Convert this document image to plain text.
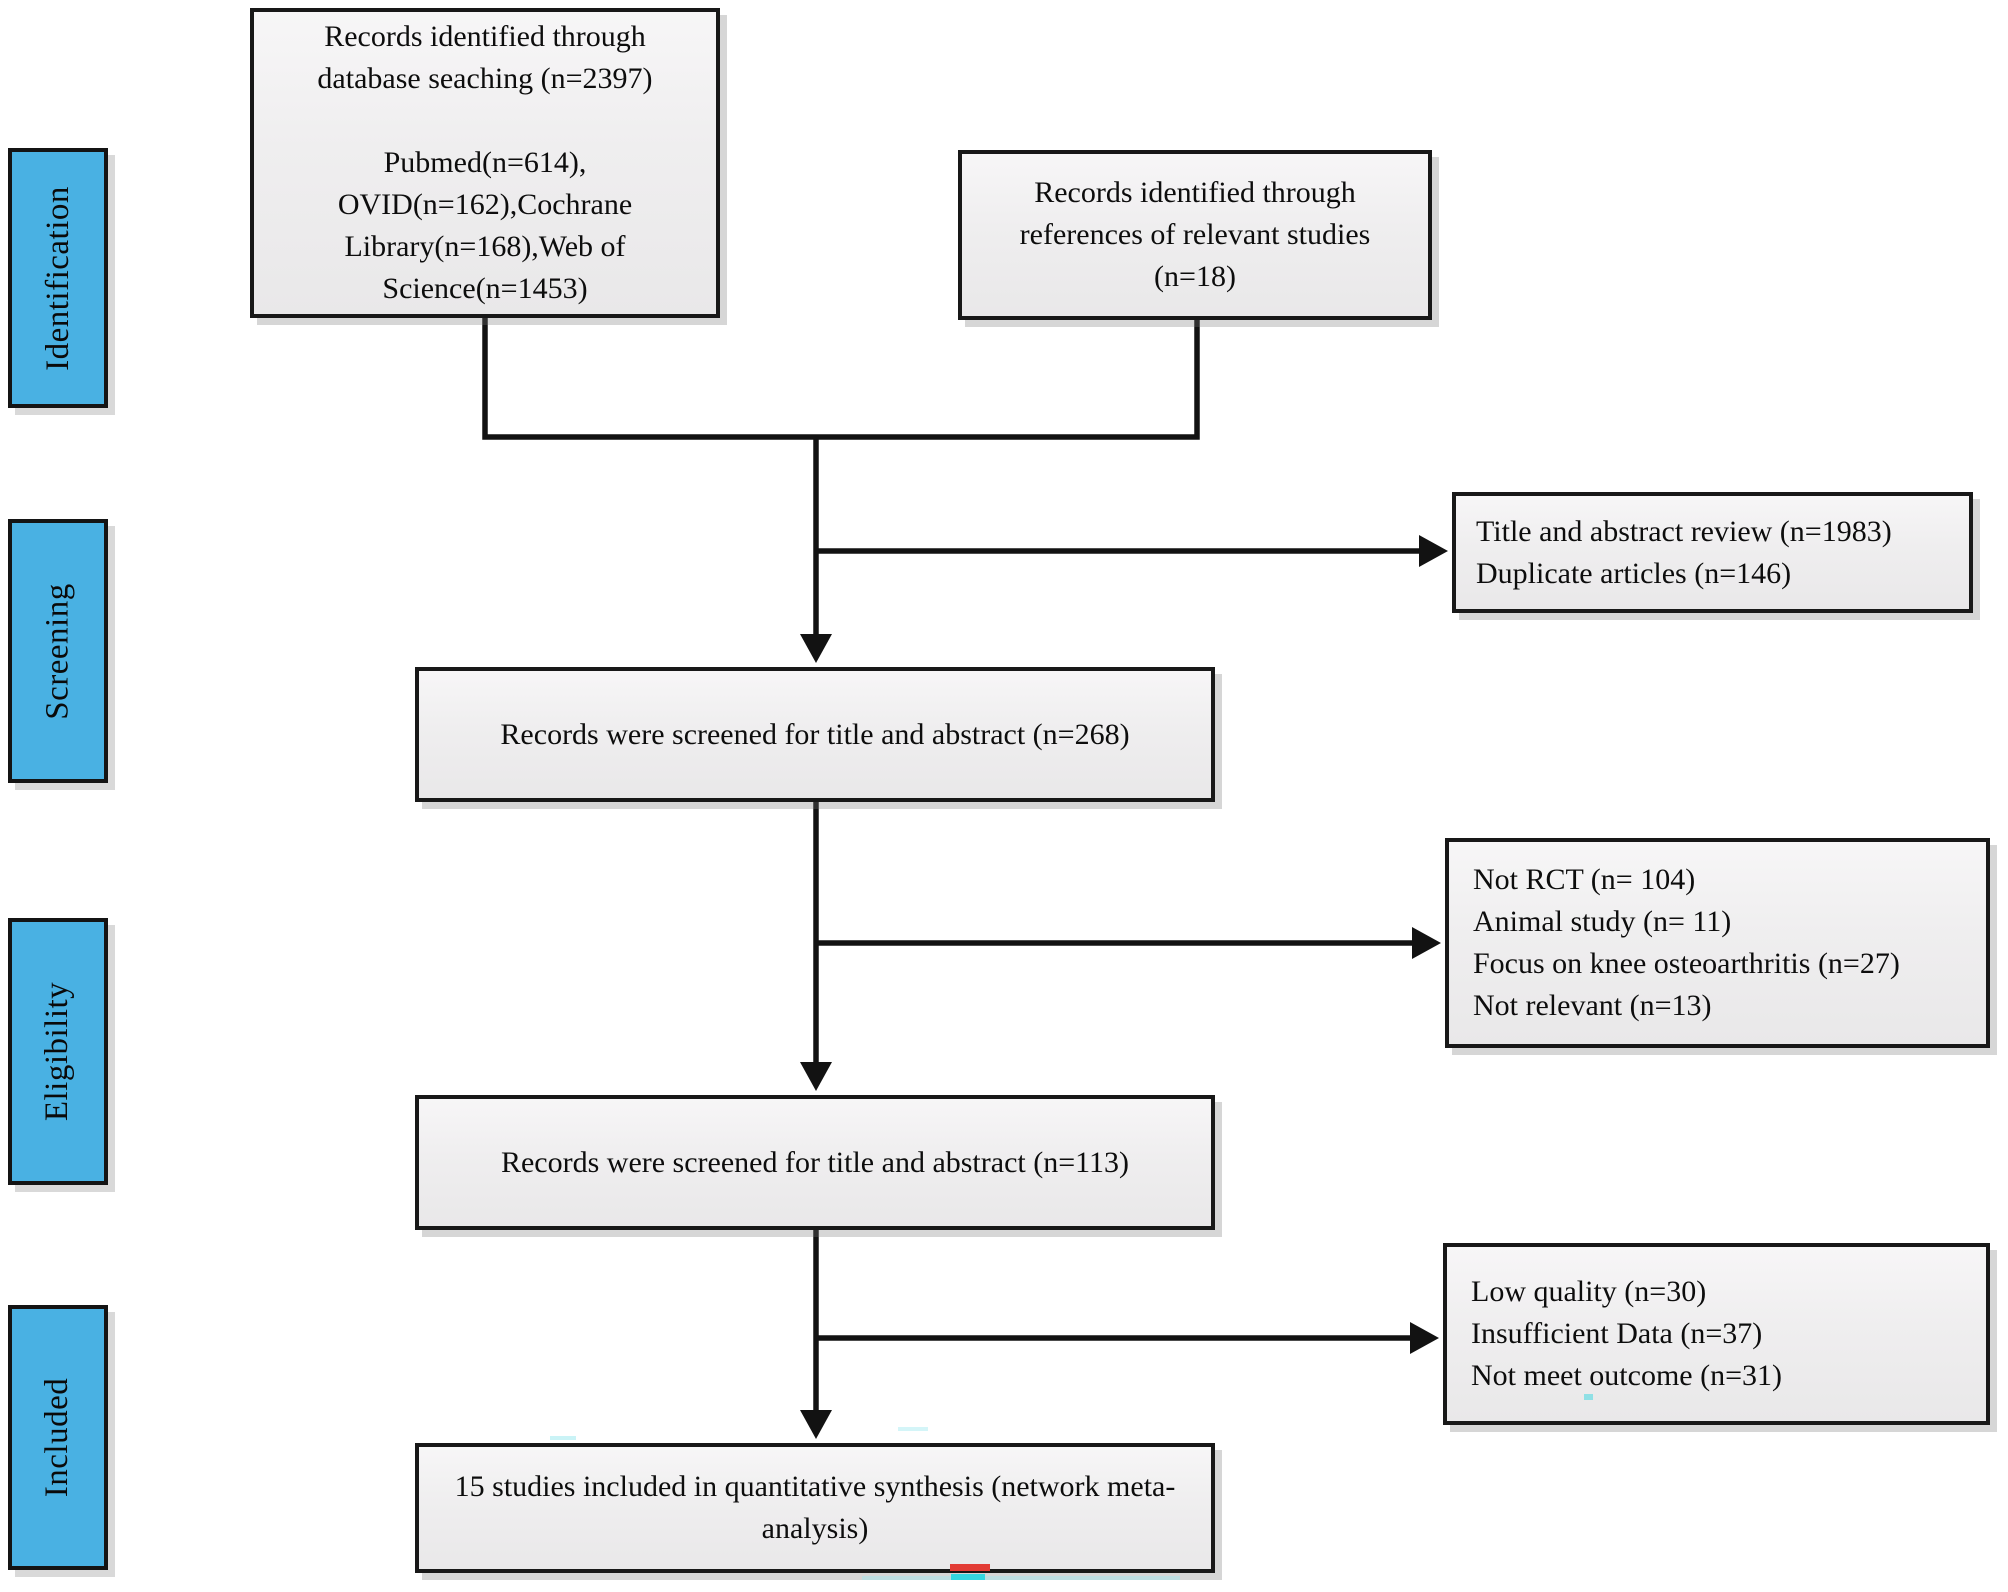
Identification
Screening
Eligibility
Included

Records identified through database seaching (n=2397)

Pubmed(n=614), OVID(n=162),Cochrane Library(n=168),Web of Science(n=1453)

Records identified through references of relevant studies (n=18)

Title and abstract review (n=1983)
Duplicate articles (n=146)

Records were screened for title and abstract (n=268)

Not RCT (n= 104)
Animal study (n= 11)
Focus on knee osteoarthritis (n=27)
Not relevant (n=13)

Records were screened for title and abstract (n=113)

Low quality (n=30)
Insufficient Data (n=37)
Not meet outcome (n=31)

15 studies included in quantitative synthesis (network meta-analysis)
